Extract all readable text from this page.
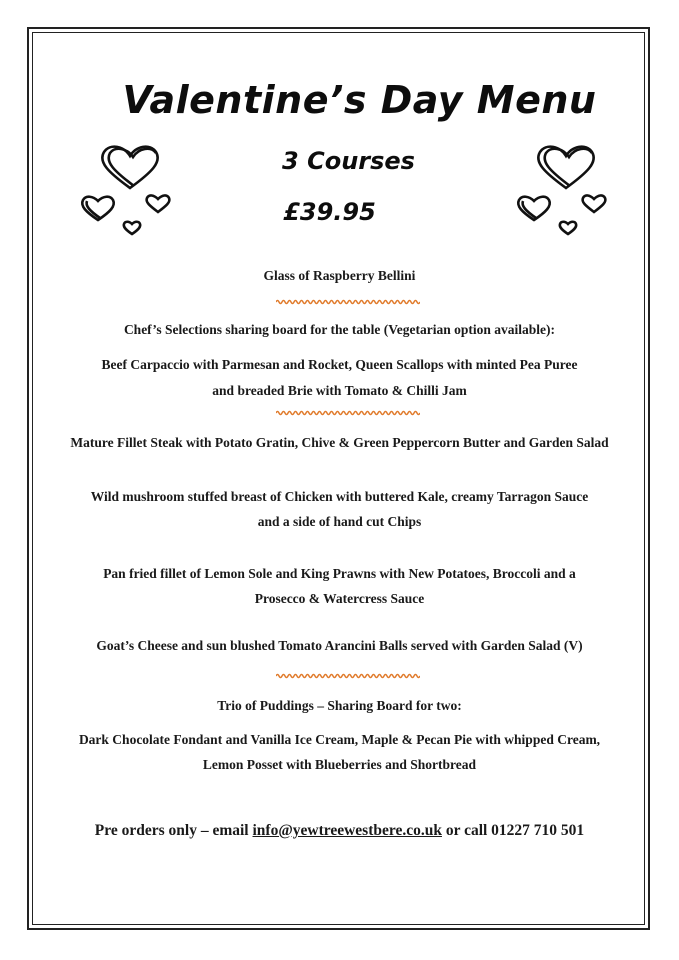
Valentine’s Day Menu
3 Courses
£39.95
Glass of Raspberry Bellini
Chef’s Selections sharing board for the table (Vegetarian option available):
Beef Carpaccio with Parmesan and Rocket, Queen Scallops with minted Pea Puree
and breaded Brie with Tomato & Chilli Jam
Mature Fillet Steak with Potato Gratin, Chive & Green Peppercorn Butter and Garden Salad
Wild mushroom stuffed breast of Chicken with buttered Kale, creamy Tarragon Sauce
and a side of hand cut Chips
Pan fried fillet of Lemon Sole and King Prawns with New Potatoes, Broccoli and a
Prosecco & Watercress Sauce
Goat’s Cheese and sun blushed Tomato Arancini Balls served with Garden Salad (V)
Trio of Puddings – Sharing Board for two:
Dark Chocolate Fondant and Vanilla Ice Cream, Maple & Pecan Pie with whipped Cream,
Lemon Posset with Blueberries and Shortbread
Pre orders only – email info@yewtreewestbere.co.uk or call 01227 710 501
